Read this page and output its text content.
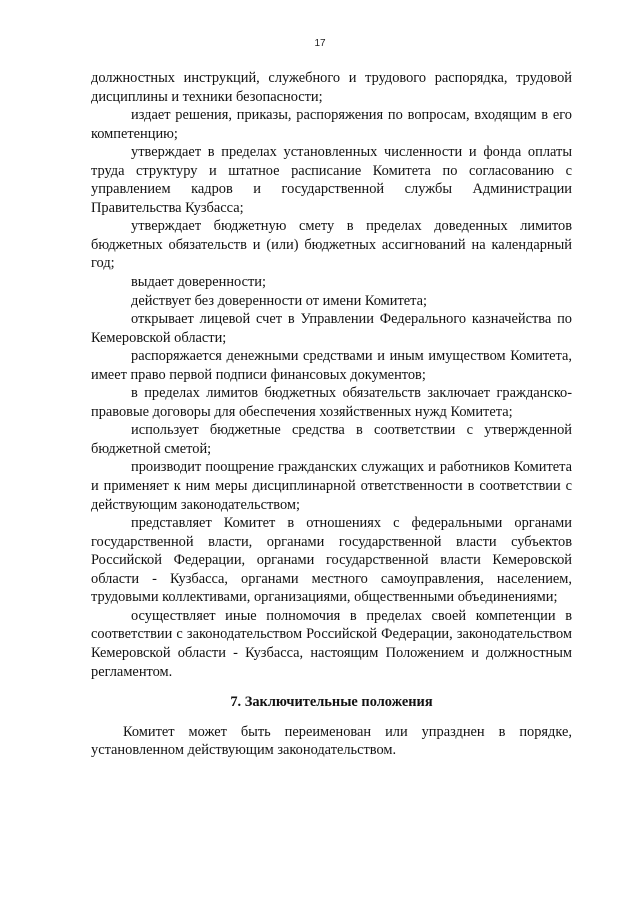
17

должностных инструкций, служебного и трудового распорядка, трудовой дисциплины и техники безопасности;

издает решения, приказы, распоряжения по вопросам, входящим в его компетенцию;

утверждает в пределах установленных численности и фонда оплаты труда структуру и штатное расписание Комитета по согласованию с управлением кадров и государственной службы Администрации Правительства Кузбасса;

утверждает бюджетную смету в пределах доведенных лимитов бюджетных обязательств и (или) бюджетных ассигнований на календарный год;

выдает доверенности;

действует без доверенности от имени Комитета;

открывает лицевой счет в Управлении Федерального казначейства по Кемеровской области;

распоряжается денежными средствами и иным имуществом Комитета, имеет право первой подписи финансовых документов;

в пределах лимитов бюджетных обязательств заключает гражданско-правовые договоры для обеспечения хозяйственных нужд Комитета;

использует бюджетные средства в соответствии с утвержденной бюджетной сметой;

производит поощрение гражданских служащих и работников Комитета и применяет к ним меры дисциплинарной ответственности в соответствии с действующим законодательством;

представляет Комитет в отношениях с федеральными органами государственной власти, органами государственной власти субъектов Российской Федерации, органами государственной власти Кемеровской области - Кузбасса, органами местного самоуправления, населением, трудовыми коллективами, организациями, общественными объединениями;

осуществляет иные полномочия в пределах своей компетенции в соответствии с законодательством Российской Федерации, законодательством Кемеровской области - Кузбасса, настоящим Положением и должностным регламентом.

7. Заключительные положения

Комитет может быть переименован или упразднен в порядке, установленном действующим законодательством.
